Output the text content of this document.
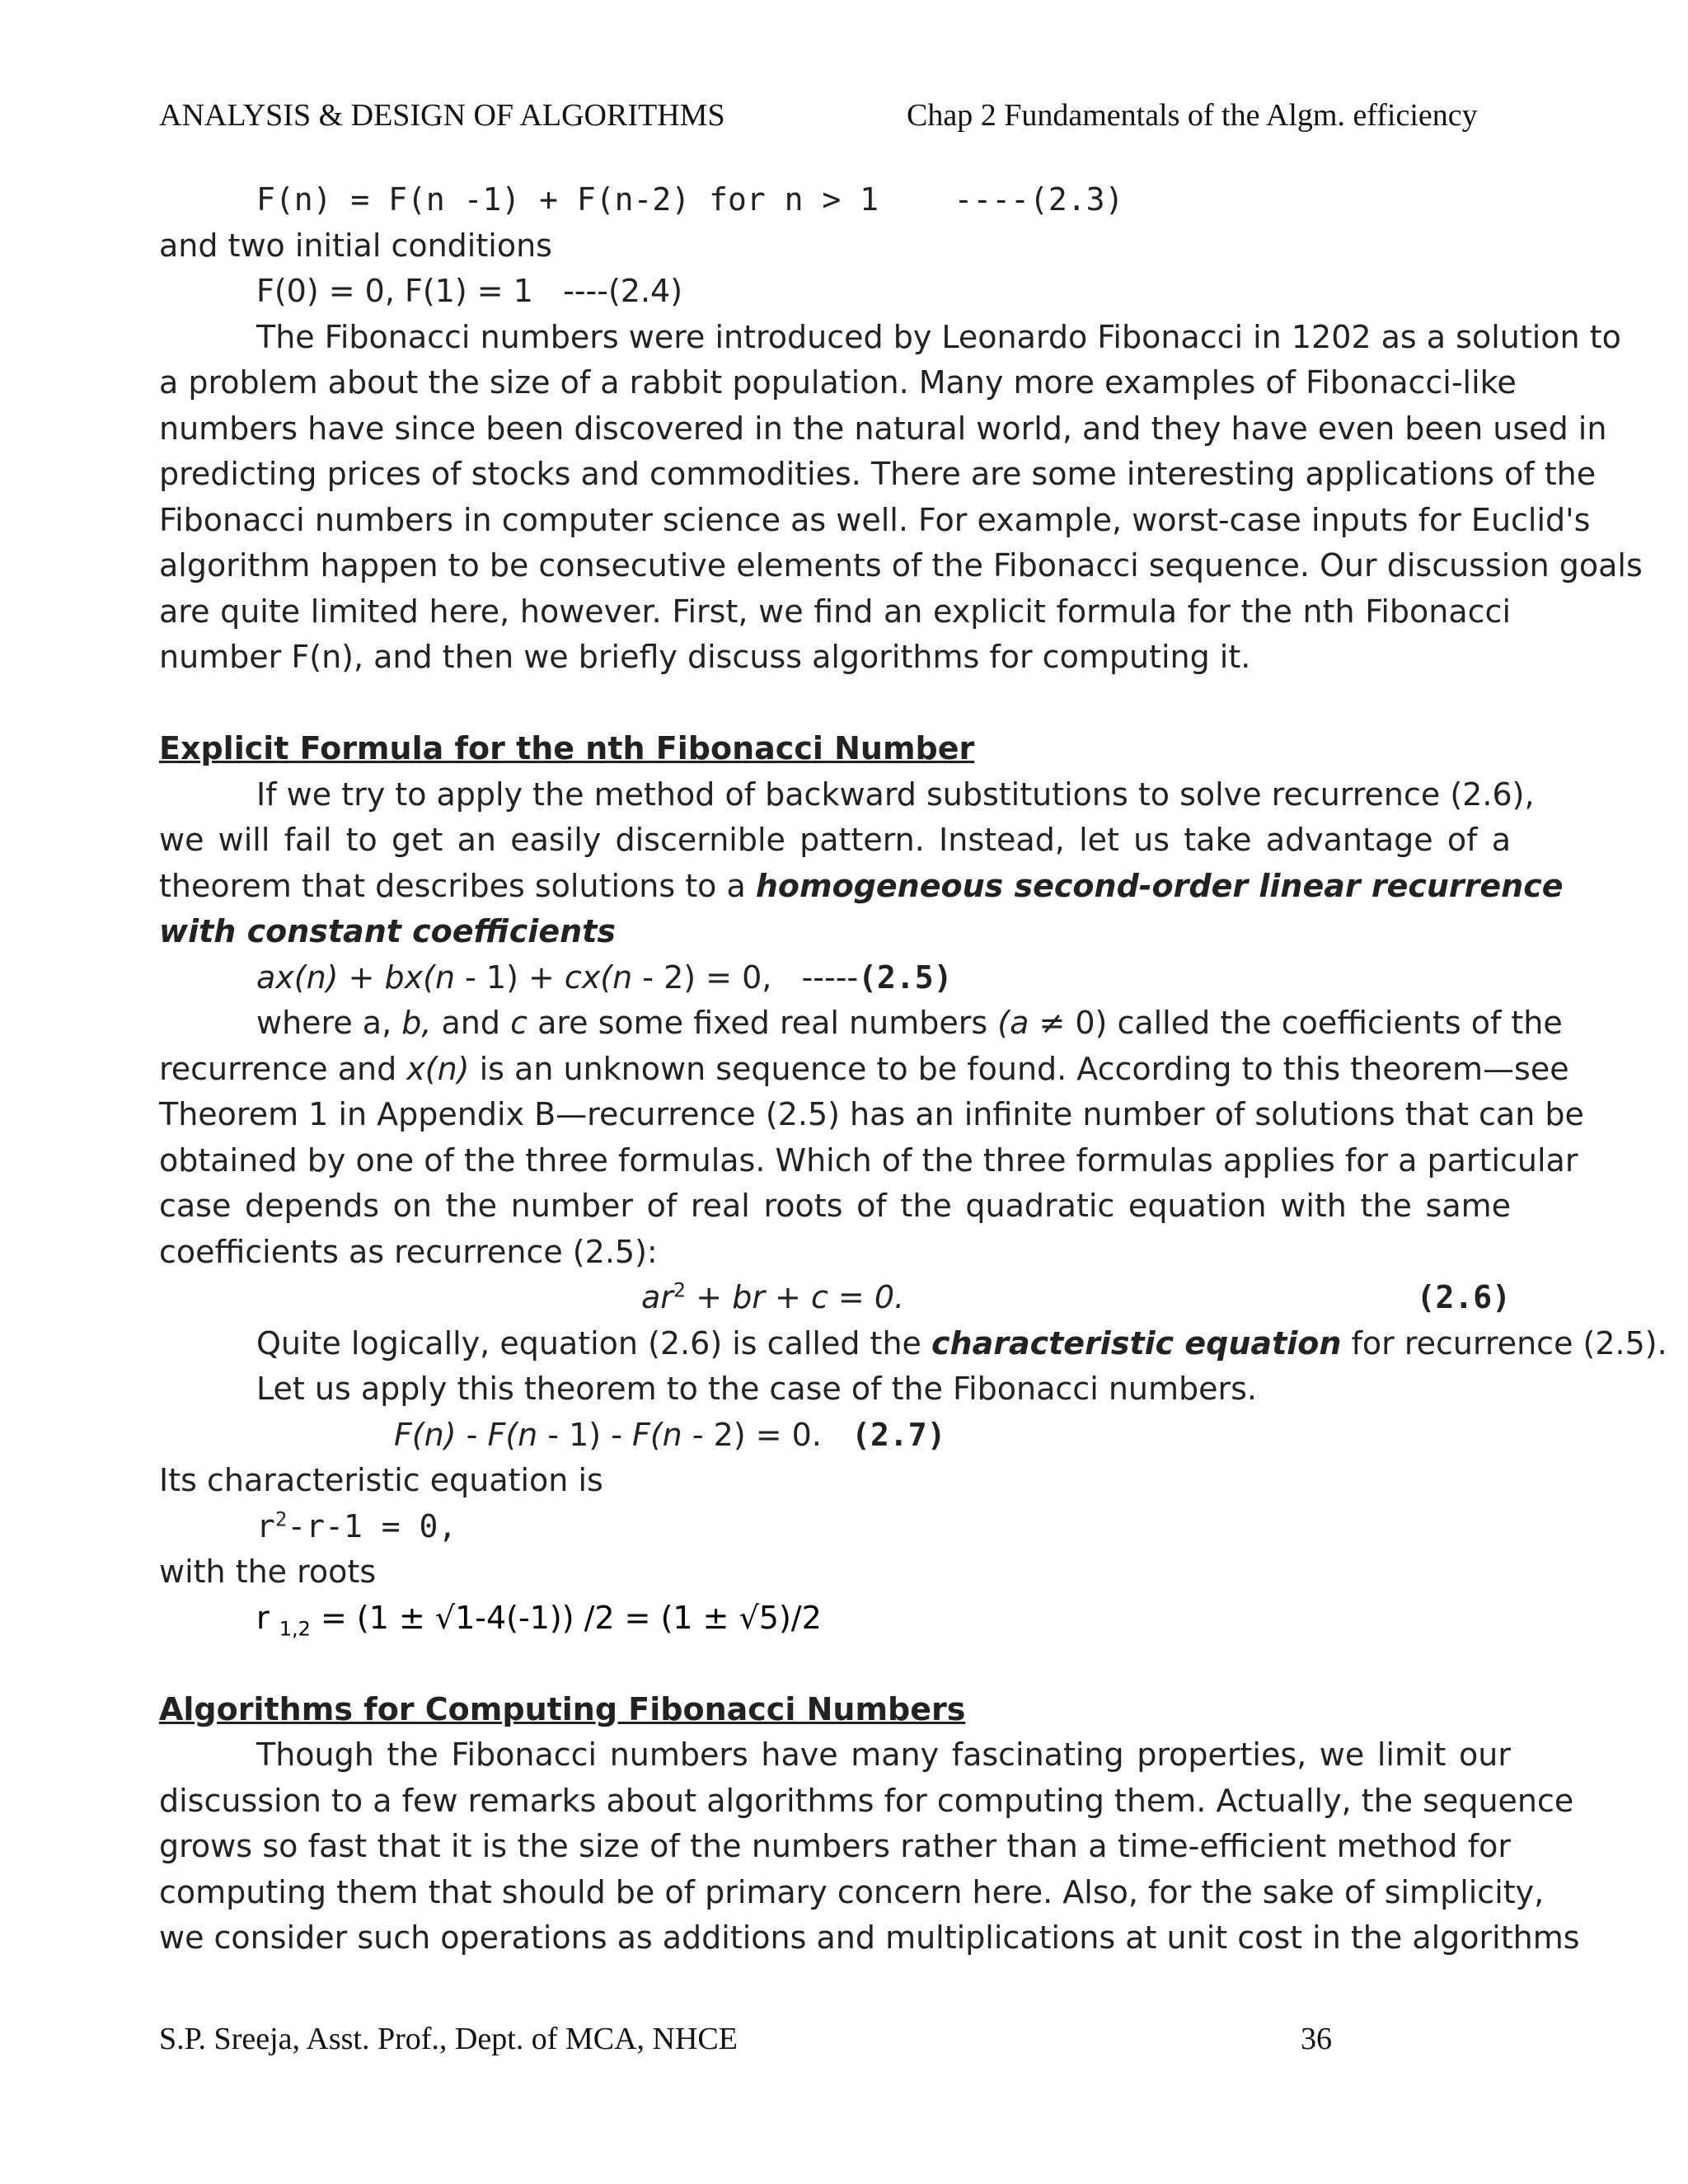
ANALYSIS & DESIGN OF ALGORITHMS	Chap 2 Fundamentals of the Algm. efficiency
F(n) = F(n -1) + F(n-2) for n > 1    ----(2.3)
and two initial conditions
F(0) = 0, F(1) = 1   ----(2.4)
The Fibonacci numbers were introduced by Leonardo Fibonacci in 1202 as a solution to
a problem about the size of a rabbit population. Many more examples of Fibonacci-like
numbers have since been discovered in the natural world, and they have even been used in
predicting prices of stocks and commodities. There are some interesting applications of the
Fibonacci numbers in computer science as well. For example, worst-case inputs for Euclid's
algorithm happen to be consecutive elements of the Fibonacci sequence. Our discussion goals
are quite limited here, however. First, we find an explicit formula for the nth Fibonacci
number F(n), and then we briefly discuss algorithms for computing it.
Explicit Formula for the nth Fibonacci Number
If we try to apply the method of backward substitutions to solve recurrence (2.6),
we will fail to get an easily discernible pattern. Instead, let us take advantage of a
theorem that describes solutions to a homogeneous second-order linear recurrence
with constant coefficients
ax(n) + bx(n - 1) + cx(n - 2) = 0,   -----(2.5)
where a, b, and c are some fixed real numbers (a ≠ 0) called the coefficients of the
recurrence and x(n) is an unknown sequence to be found. According to this theorem—see
Theorem 1 in Appendix B—recurrence (2.5) has an infinite number of solutions that can be
obtained by one of the three formulas. Which of the three formulas applies for a particular
case depends on the number of real roots of the quadratic equation with the same
coefficients as recurrence (2.5):
$ar^2$ + br + c = 0.	(2.6)
Quite logically, equation (2.6) is called the characteristic equation for recurrence (2.5).
Let us apply this theorem to the case of the Fibonacci numbers.
F(n) - F(n - 1) - F(n - 2) = 0.   (2.7)
Its characteristic equation is
$r^2-r-1 = 0$,
with the roots
r $_{1,2}$ = (1 ± √1-4(-1)) /2 = (1 ± √5)/2
Algorithms for Computing Fibonacci Numbers
Though the Fibonacci numbers have many fascinating properties, we limit our
discussion to a few remarks about algorithms for computing them. Actually, the sequence
grows so fast that it is the size of the numbers rather than a time-efficient method for
computing them that should be of primary concern here. Also, for the sake of simplicity,
we consider such operations as additions and multiplications at unit cost in the algorithms
S.P. Sreeja, Asst. Prof., Dept. of MCA, NHCE	36
